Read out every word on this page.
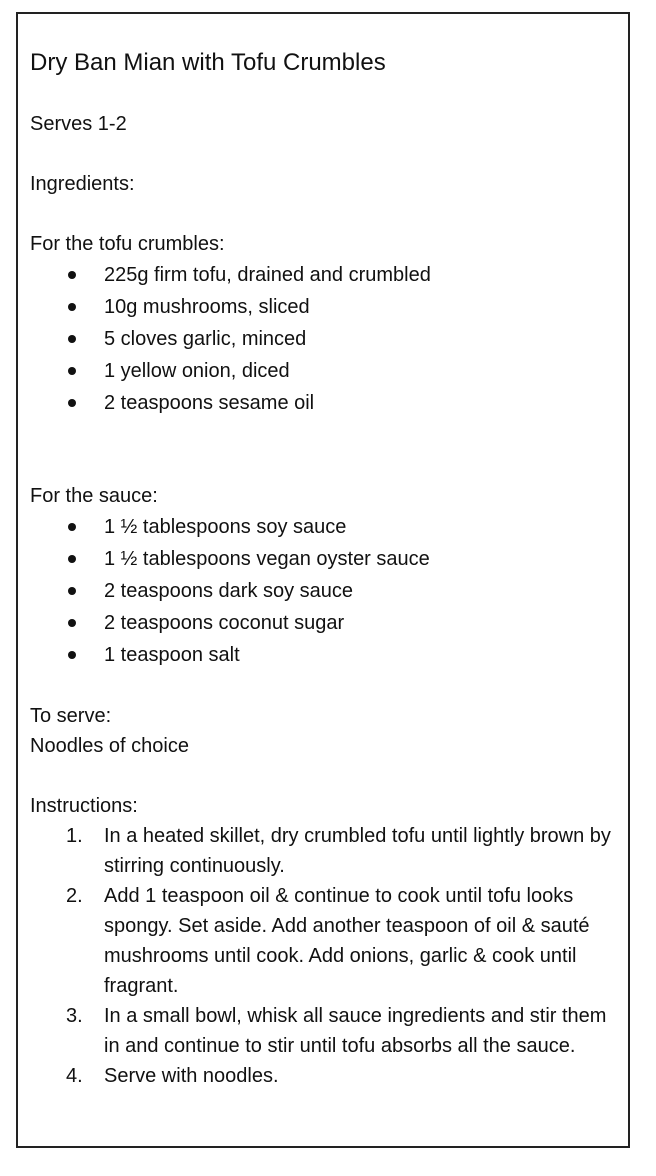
Dry Ban Mian with Tofu Crumbles

Serves 1-2

Ingredients:

For the tofu crumbles:

225g firm tofu, drained and crumbled
10g mushrooms, sliced
5 cloves garlic, minced
1 yellow onion, diced
2 teaspoons sesame oil

For the sauce:

1 ½ tablespoons soy sauce
1 ½ tablespoons vegan oyster sauce
2 teaspoons dark soy sauce
2 teaspoons coconut sugar
1 teaspoon salt

To serve:

Noodles of choice

Instructions:

1. In a heated skillet, dry crumbled tofu until lightly brown by stirring continuously.
2. Add 1 teaspoon oil & continue to cook until tofu looks spongy. Set aside. Add another teaspoon of oil & sauté mushrooms until cook. Add onions, garlic & cook until fragrant.
3. In a small bowl, whisk all sauce ingredients and stir them in and continue to stir until tofu absorbs all the sauce.
4. Serve with noodles.
